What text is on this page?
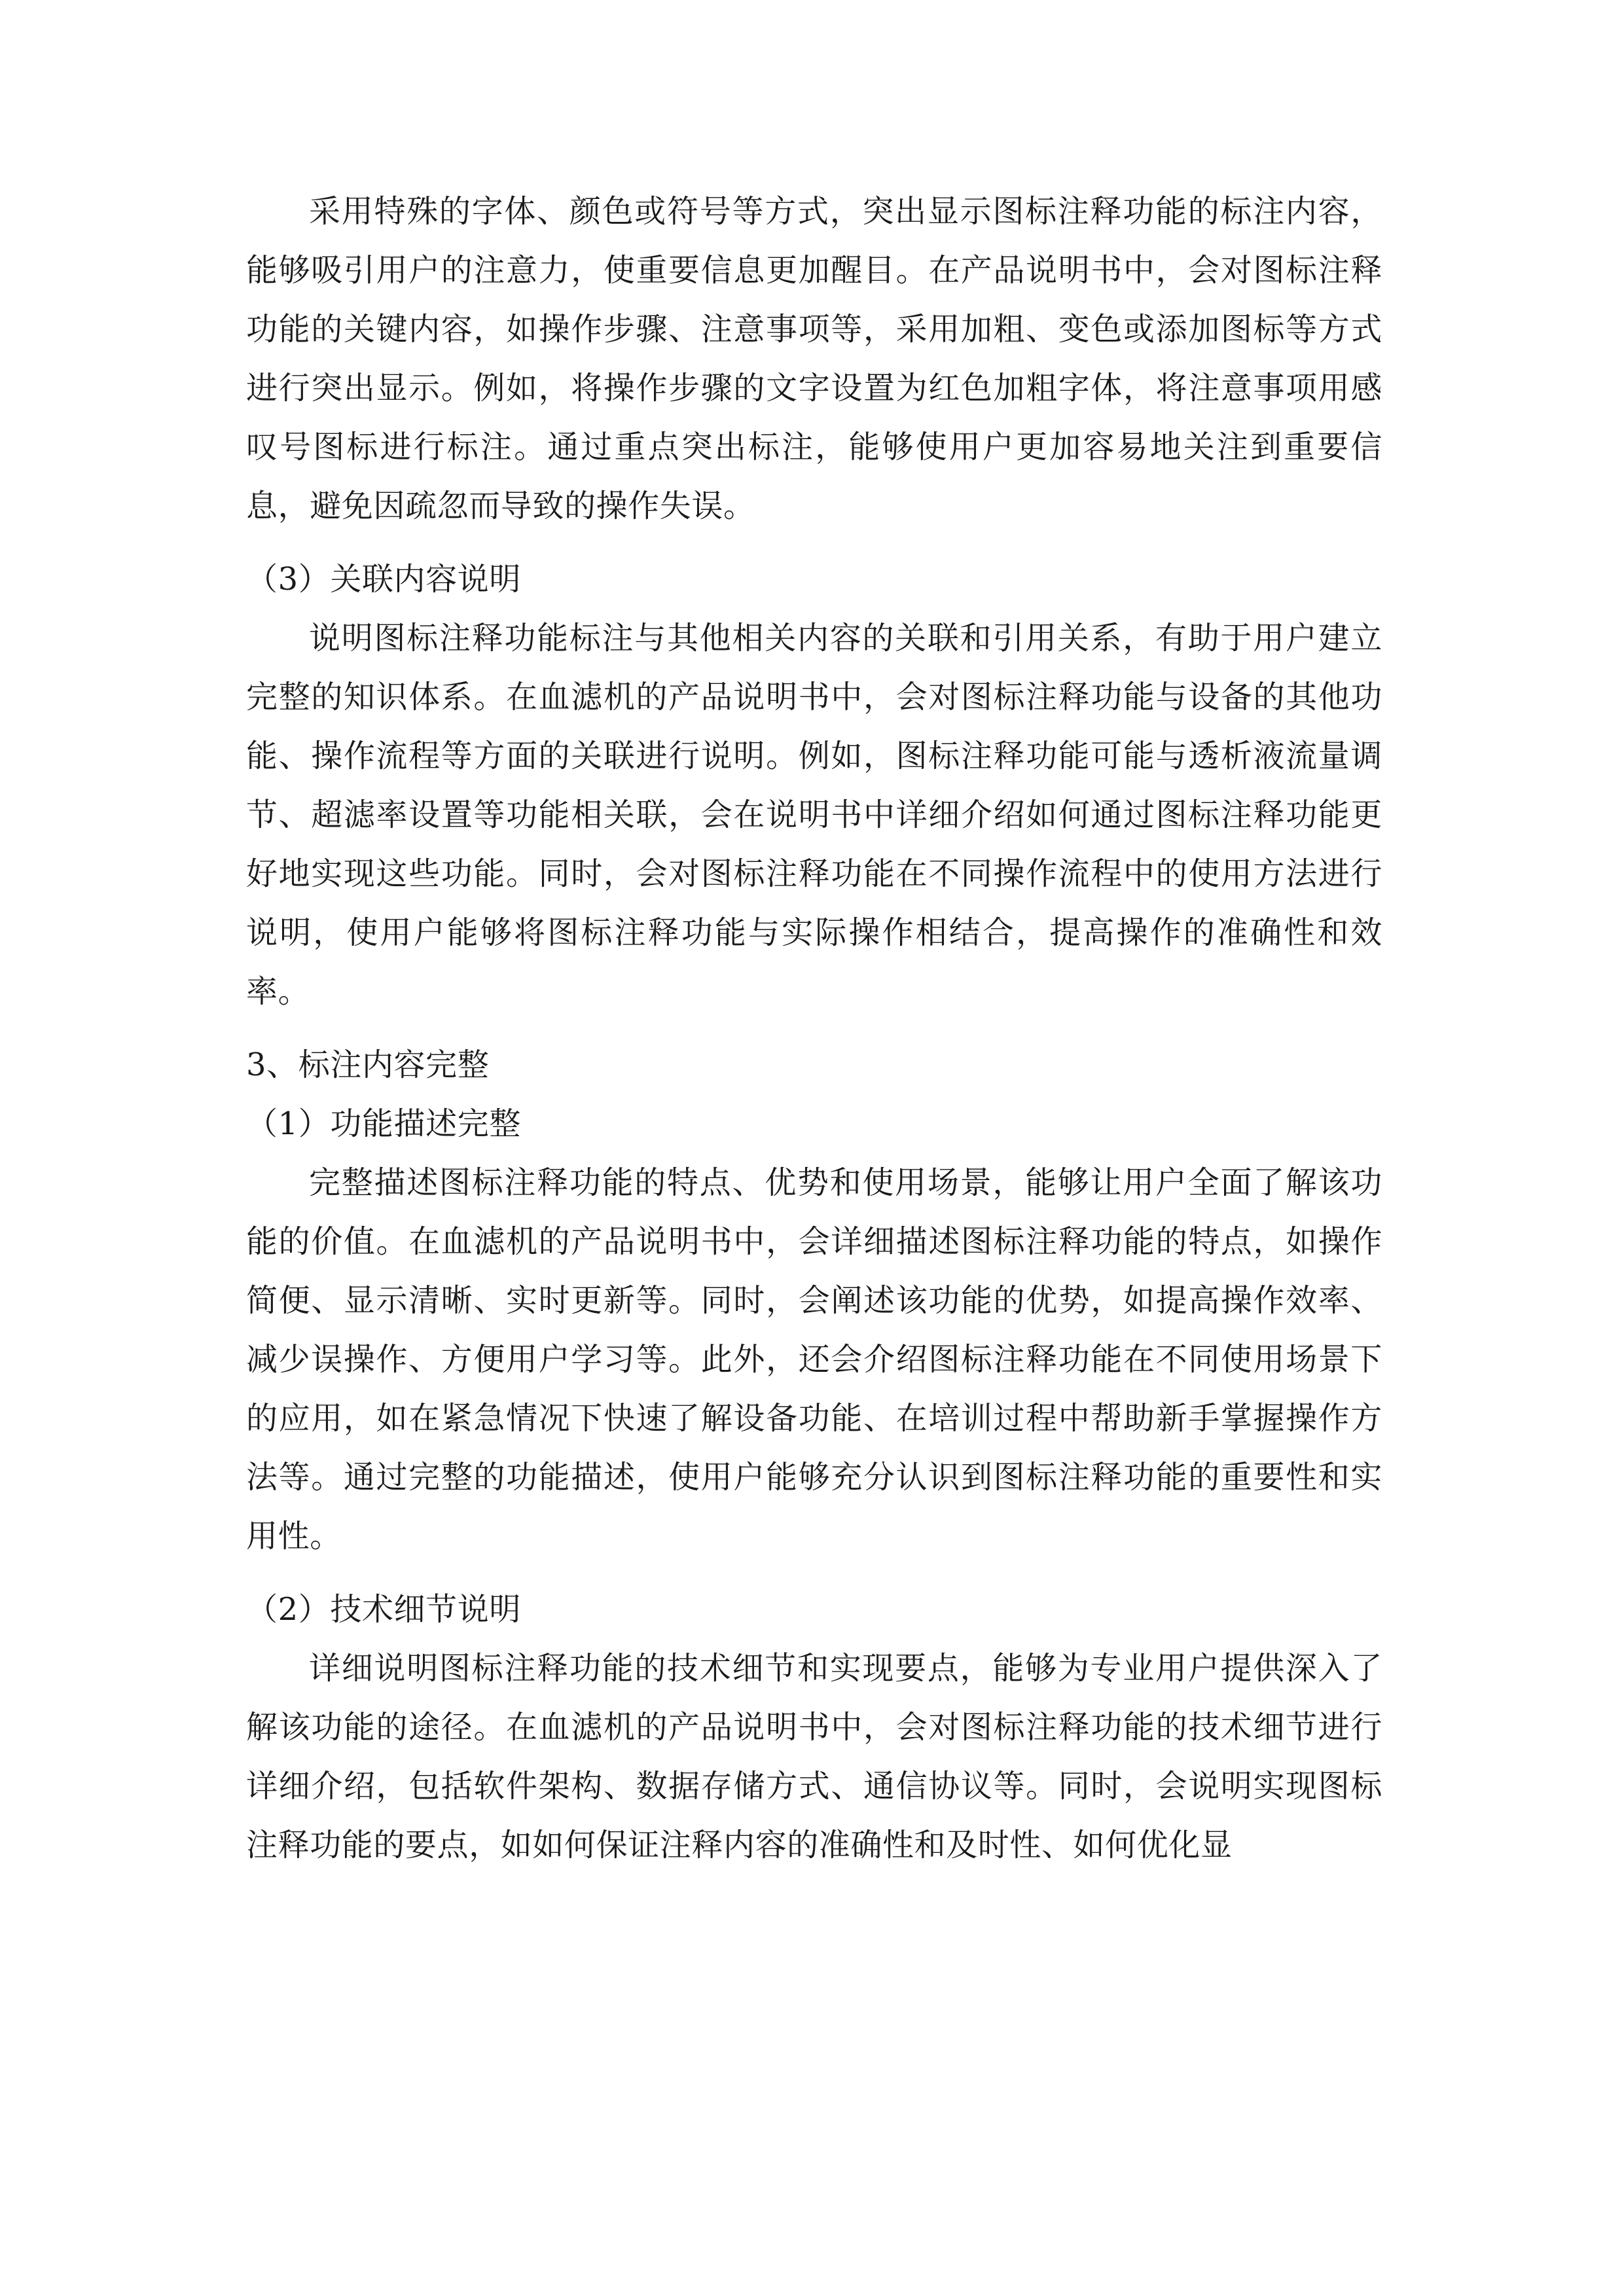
采用特殊的字体、颜色或符号等方式，突出显示图标注释功能的标注内容，能够吸引用户的注意力，使重要信息更加醒目。在产品说明书中，会对图标注释功能的关键内容，如操作步骤、注意事项等，采用加粗、变色或添加图标等方式进行突出显示。例如，将操作步骤的文字设置为红色加粗字体，将注意事项用感叹号图标进行标注。通过重点突出标注，能够使用户更加容易地关注到重要信息，避免因疏忽而导致的操作失误。

（3）关联内容说明

说明图标注释功能标注与其他相关内容的关联和引用关系，有助于用户建立完整的知识体系。在血滤机的产品说明书中，会对图标注释功能与设备的其他功能、操作流程等方面的关联进行说明。例如，图标注释功能可能与透析液流量调节、超滤率设置等功能相关联，会在说明书中详细介绍如何通过图标注释功能更好地实现这些功能。同时，会对图标注释功能在不同操作流程中的使用方法进行说明，使用户能够将图标注释功能与实际操作相结合，提高操作的准确性和效率。

3、标注内容完整

（1）功能描述完整

完整描述图标注释功能的特点、优势和使用场景，能够让用户全面了解该功能的价值。在血滤机的产品说明书中，会详细描述图标注释功能的特点，如操作简便、显示清晰、实时更新等。同时，会阐述该功能的优势，如提高操作效率、减少误操作、方便用户学习等。此外，还会介绍图标注释功能在不同使用场景下的应用，如在紧急情况下快速了解设备功能、在培训过程中帮助新手掌握操作方法等。通过完整的功能描述，使用户能够充分认识到图标注释功能的重要性和实用性。

（2）技术细节说明

详细说明图标注释功能的技术细节和实现要点，能够为专业用户提供深入了解该功能的途径。在血滤机的产品说明书中，会对图标注释功能的技术细节进行详细介绍，包括软件架构、数据存储方式、通信协议等。同时，会说明实现图标注释功能的要点，如如何保证注释内容的准确性和及时性、如何优化显
